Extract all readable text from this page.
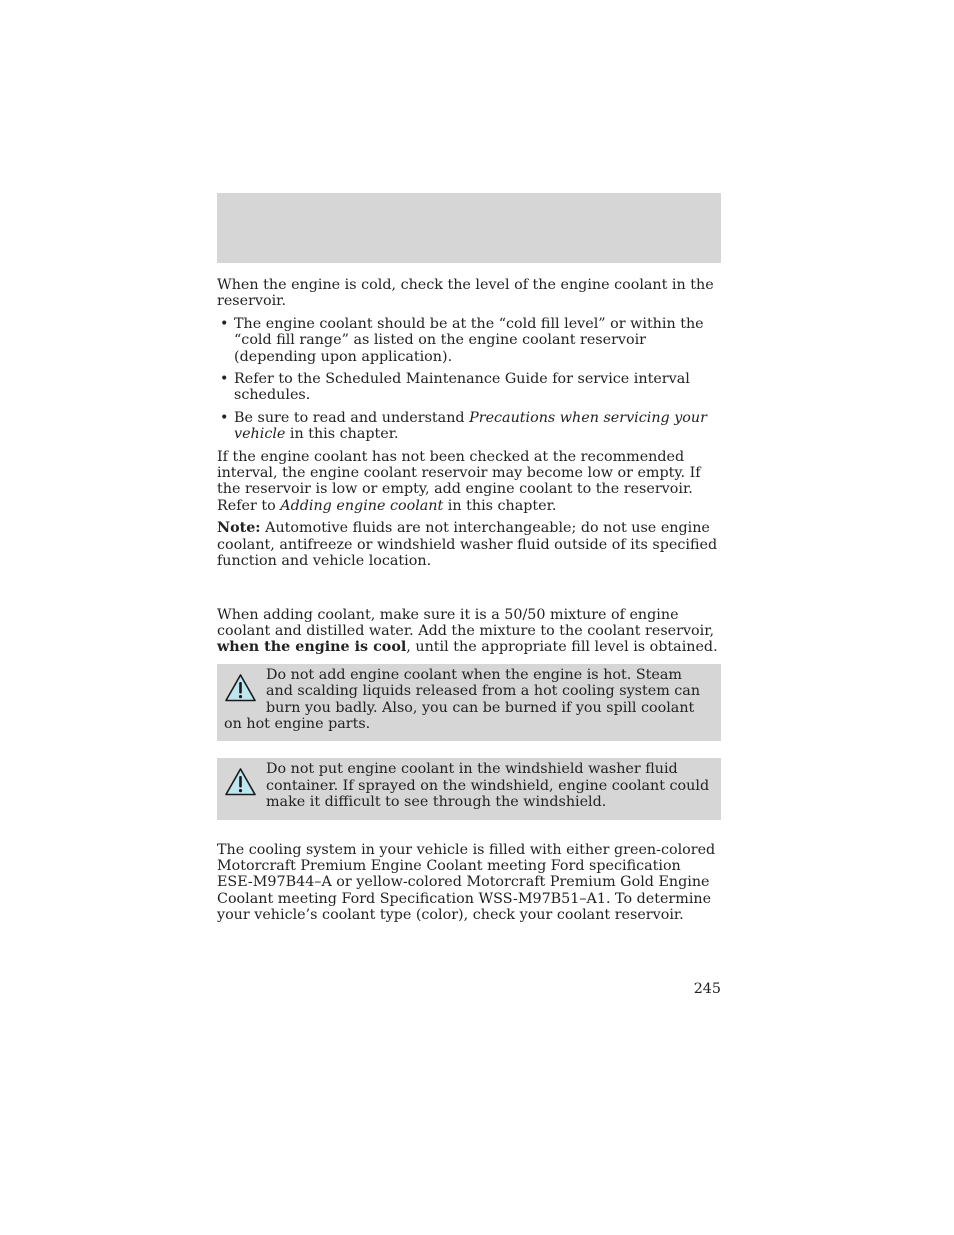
When the engine is cold, check the level of the engine coolant in the reservoir.

• The engine coolant should be at the “cold fill level” or within the “cold fill range” as listed on the engine coolant reservoir (depending upon application).
• Refer to the Scheduled Maintenance Guide for service interval schedules.
• Be sure to read and understand Precautions when servicing your vehicle in this chapter.

If the engine coolant has not been checked at the recommended interval, the engine coolant reservoir may become low or empty. If the reservoir is low or empty, add engine coolant to the reservoir. Refer to Adding engine coolant in this chapter.

Note: Automotive fluids are not interchangeable; do not use engine coolant, antifreeze or windshield washer fluid outside of its specified function and vehicle location.

When adding coolant, make sure it is a 50/50 mixture of engine coolant and distilled water. Add the mixture to the coolant reservoir, when the engine is cool, until the appropriate fill level is obtained.

Do not add engine coolant when the engine is hot. Steam and scalding liquids released from a hot cooling system can burn you badly. Also, you can be burned if you spill coolant on hot engine parts.
Do not put engine coolant in the windshield washer fluid container. If sprayed on the windshield, engine coolant could make it difficult to see through the windshield.

The cooling system in your vehicle is filled with either green-colored Motorcraft Premium Engine Coolant meeting Ford specification ESE-M97B44–A or yellow-colored Motorcraft Premium Gold Engine Coolant meeting Ford Specification WSS-M97B51–A1. To determine your vehicle’s coolant type (color), check your coolant reservoir.

245
